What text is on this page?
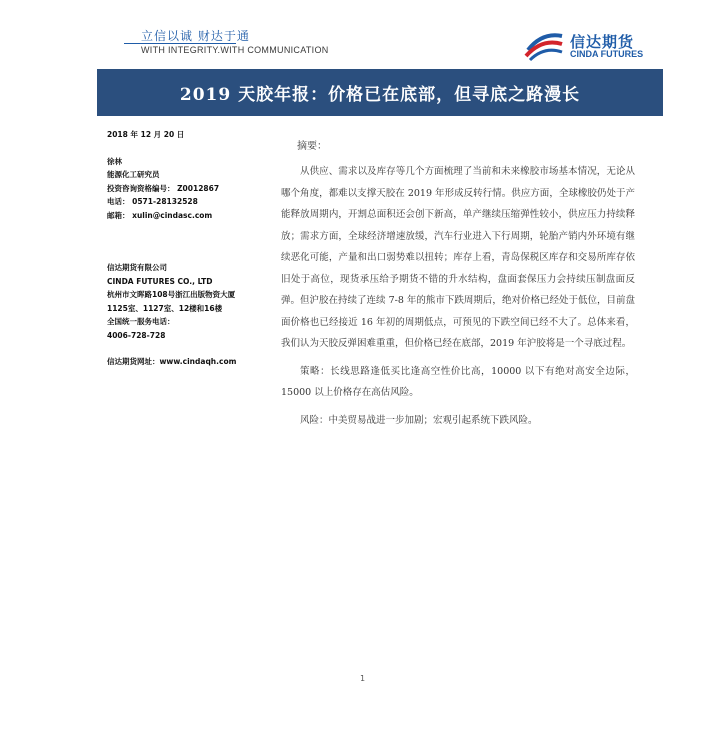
立信以诚 财达于通
WITH INTEGRITY.WITH COMMUNICATION	信达期货
CINDA FUTURES
2019 天胶年报：价格已在底部，但寻底之路漫长
2018 年 12 月 20 日
徐林
能源化工研究员
投资咨询资格编号： Z0012867
电话： 0571-28132528
邮箱： xulin@cindasc.com
信达期货有限公司
CINDA FUTURES CO., LTD
杭州市文晖路108号浙江出版物资大厦
1125室、1127室、12楼和16楼
全国统一服务电话：
4006-728-728
信达期货网址：www.cindaqh.com
摘要：

从供应、需求以及库存等几个方面梳理了当前和未来橡胶市场基本情况，无论从哪个角度，都难以支撑天胶在 2019 年形成反转行情。供应方面，全球橡胶仍处于产能释放周期内，开割总面积还会创下新高，单产继续压缩弹性较小，供应压力持续释放；需求方面，全球经济增速放缓，汽车行业进入下行周期，轮胎产销内外环境有继续恶化可能，产量和出口弱势难以扭转；库存上看，青岛保税区库存和交易所库存依旧处于高位，现货承压给予期货不错的升水结构，盘面套保压力会持续压制盘面反弹。但沪胶在持续了连续 7-8 年的熊市下跌周期后，绝对价格已经处于低位，目前盘面价格也已经接近 16 年初的周期低点，可预见的下跌空间已经不大了。总体来看，我们认为天胶反弹困难重重，但价格已经在底部，2019 年沪胶将是一个寻底过程。

策略：长线思路逢低买比逢高空性价比高，10000 以下有绝对高安全边际，15000 以上价格存在高估风险。

风险：中美贸易战进一步加剧；宏观引起系统下跌风险。

1
